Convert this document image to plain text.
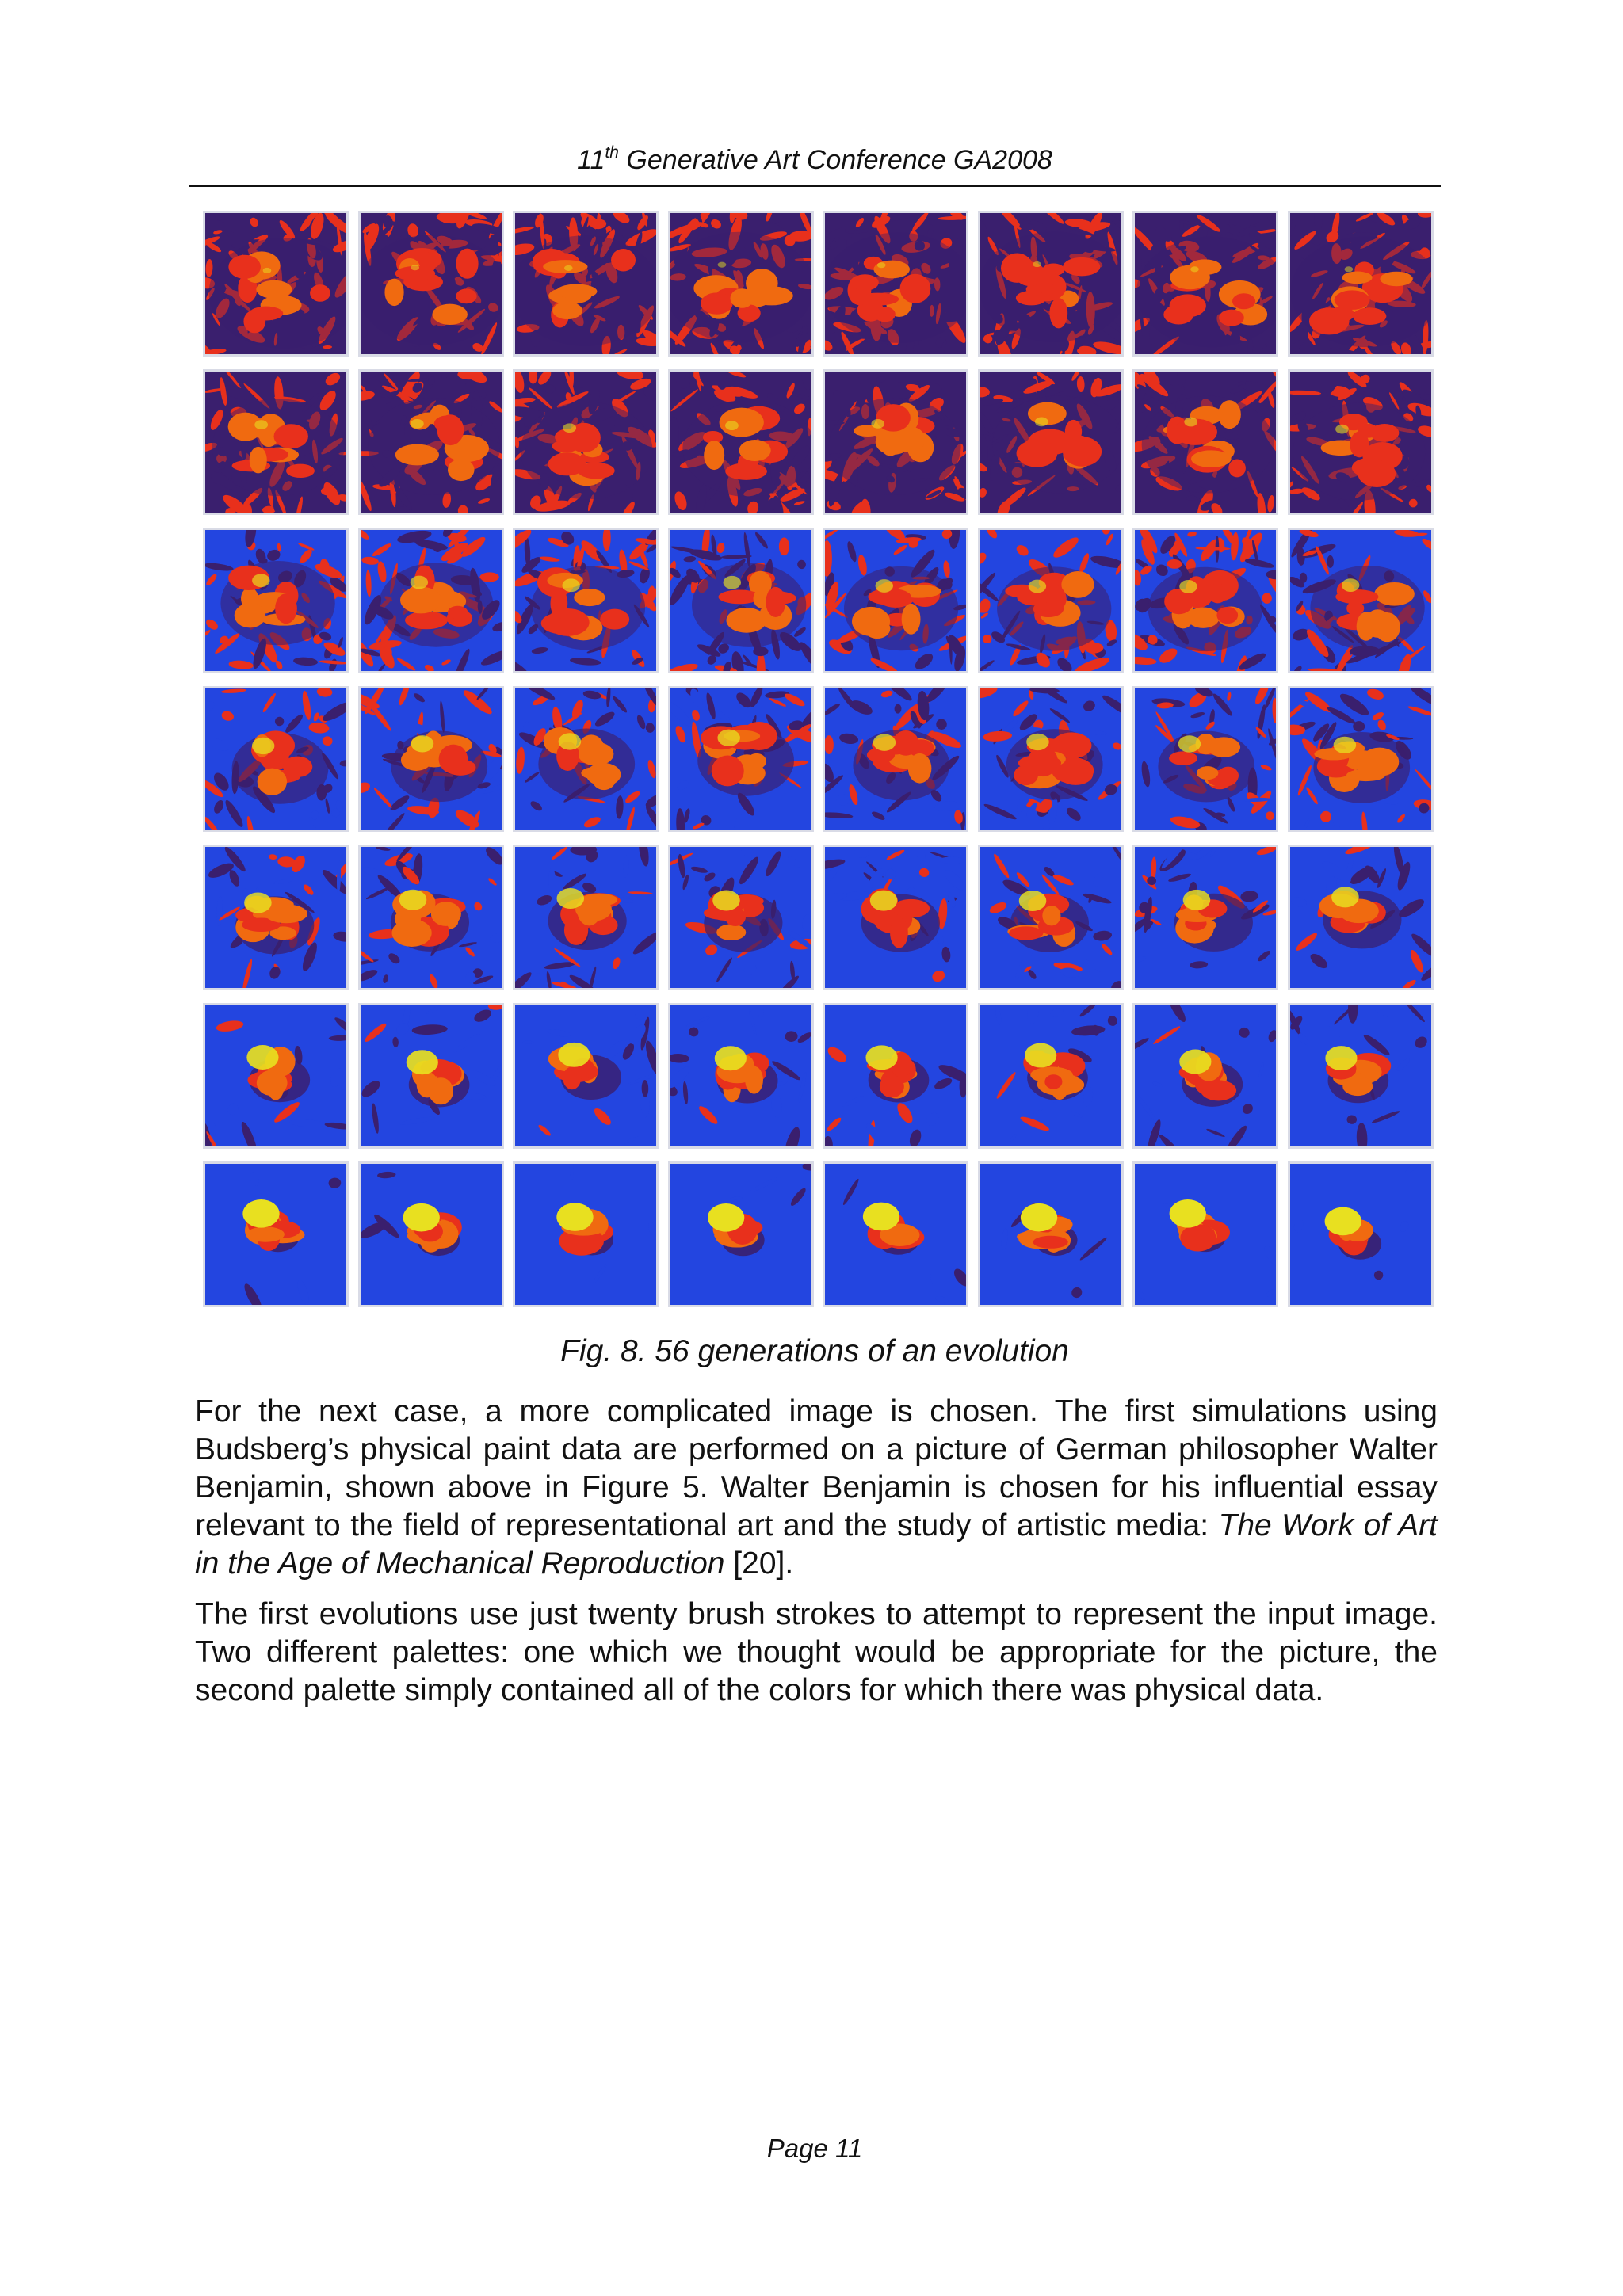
11th Generative Art Conference GA2008
Fig. 8. 56 generations of an evolution

For the next case, a more complicated image is chosen. The first simulations using Budsberg’s physical paint data are performed on a picture of German philosopher Walter Benjamin, shown above in Figure 5. Walter Benjamin is chosen for his influential essay relevant to the field of representational art and the study of artistic media: The Work of Art in the Age of Mechanical Reproduction [20].

The first evolutions use just twenty brush strokes to attempt to represent the input image. Two different palettes: one which we thought would be appropriate for the picture, the second palette simply contained all of the colors for which there was physical data.

Page 11
